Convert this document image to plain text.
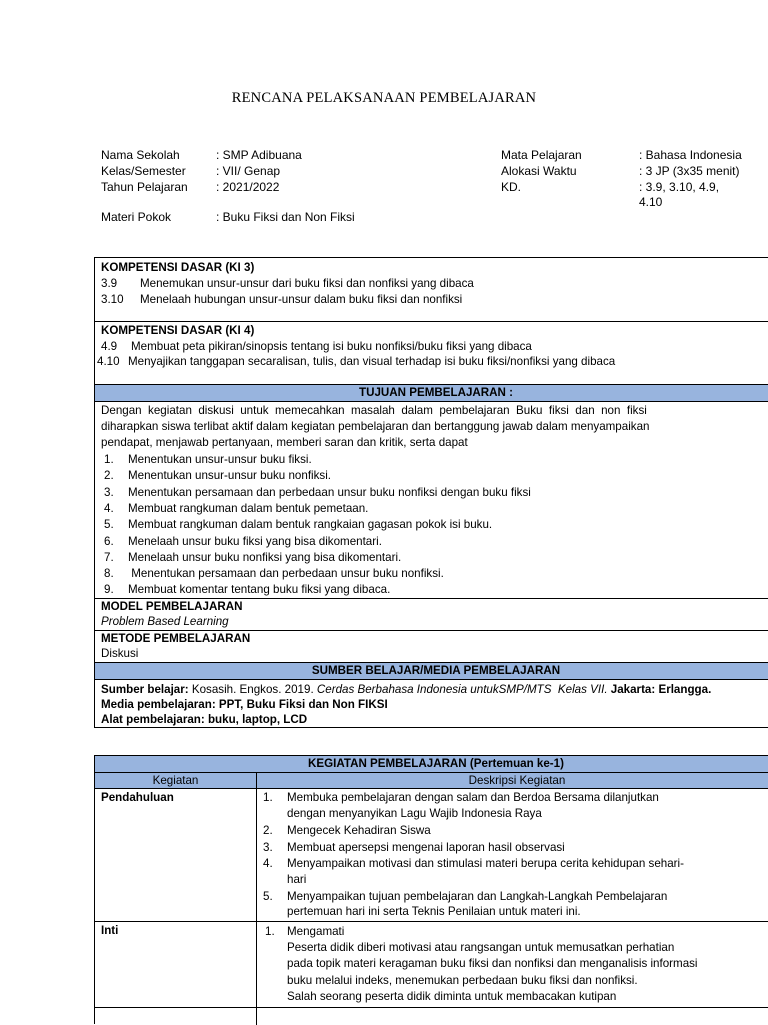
RENCANA PELAKSANAAN PEMBELAJARAN
Nama Sekolah	: SMP Adibuana
Kelas/Semester	: VII/ Genap
Tahun Pelajaran : 2021/2022
Materi Pokok	: Buku Fiksi dan Non Fiksi
Mata Pelajaran	: Bahasa Indonesia
Alokasi Waktu	: 3 JP (3x35 menit)
KD.	: 3.9, 3.10, 4.9,
4.10
KOMPETENSI DASAR (KI 3)
3.9 Menemukan unsur-unsur dari buku fiksi dan nonfiksi yang dibaca
3.10 Menelaah hubungan unsur-unsur dalam buku fiksi dan nonfiksi
KOMPETENSI DASAR (KI 4)
4.9 Membuat peta pikiran/sinopsis tentang isi buku nonfiksi/buku fiksi yang dibaca
4.10 Menyajikan tanggapan secaralisan, tulis, dan visual terhadap isi buku fiksi/nonfiksi yang dibaca
TUJUAN PEMBELAJARAN :
Dengan  kegiatan  diskusi  untuk  memecahkan  masalah  dalam  pembelajaran  Buku  fiksi  dan  non  fiksi
diharapkan siswa terlibat aktif dalam kegiatan pembelajaran dan bertanggung jawab dalam menyampaikan
pendapat, menjawab pertanyaan, memberi saran dan kritik, serta dapat
1. Menentukan unsur-unsur buku fiksi.
2. Menentukan unsur-unsur buku nonfiksi.
3. Menentukan persamaan dan perbedaan unsur buku nonfiksi dengan buku fiksi
4. Membuat rangkuman dalam bentuk pemetaan.
5. Membuat rangkuman dalam bentuk rangkaian gagasan pokok isi buku.
6. Menelaah unsur buku fiksi yang bisa dikomentari.
7. Menelaah unsur buku nonfiksi yang bisa dikomentari.
8. Menentukan persamaan dan perbedaan unsur buku nonfiksi.
9. Membuat komentar tentang buku fiksi yang dibaca.
MODEL PEMBELAJARAN
Problem Based Learning
METODE PEMBELAJARAN
Diskusi
SUMBER BELAJAR/MEDIA PEMBELAJARAN
Sumber belajar: Kosasih. Engkos. 2019. Cerdas Berbahasa Indonesia untukSMP/MTS  Kelas VII. Jakarta: Erlangga.
Media pembelajaran: PPT, Buku Fiksi dan Non FIKSI
Alat pembelajaran: buku, laptop, LCD
KEGIATAN PEMBELAJARAN (Pertemuan ke-1)
Kegiatan	Deskripsi Kegiatan
Pendahuluan	1. Membuka pembelajaran dengan salam dan Berdoa Bersama dilanjutkan
dengan menyanyikan Lagu Wajib Indonesia Raya
2. Mengecek Kehadiran Siswa
3. Membuat apersepsi mengenai laporan hasil observasi
4. Menyampaikan motivasi dan stimulasi materi berupa cerita kehidupan sehari-
hari
5. Menyampaikan tujuan pembelajaran dan Langkah-Langkah Pembelajaran
pertemuan hari ini serta Teknis Penilaian untuk materi ini.
Inti	1. Mengamati
Peserta didik diberi motivasi atau rangsangan untuk memusatkan perhatian
pada topik materi keragaman buku fiksi dan nonfiksi dan menganalisis informasi
buku melalui indeks, menemukan perbedaan buku fiksi dan nonfiksi.
Salah seorang peserta didik diminta untuk membacakan kutipan
